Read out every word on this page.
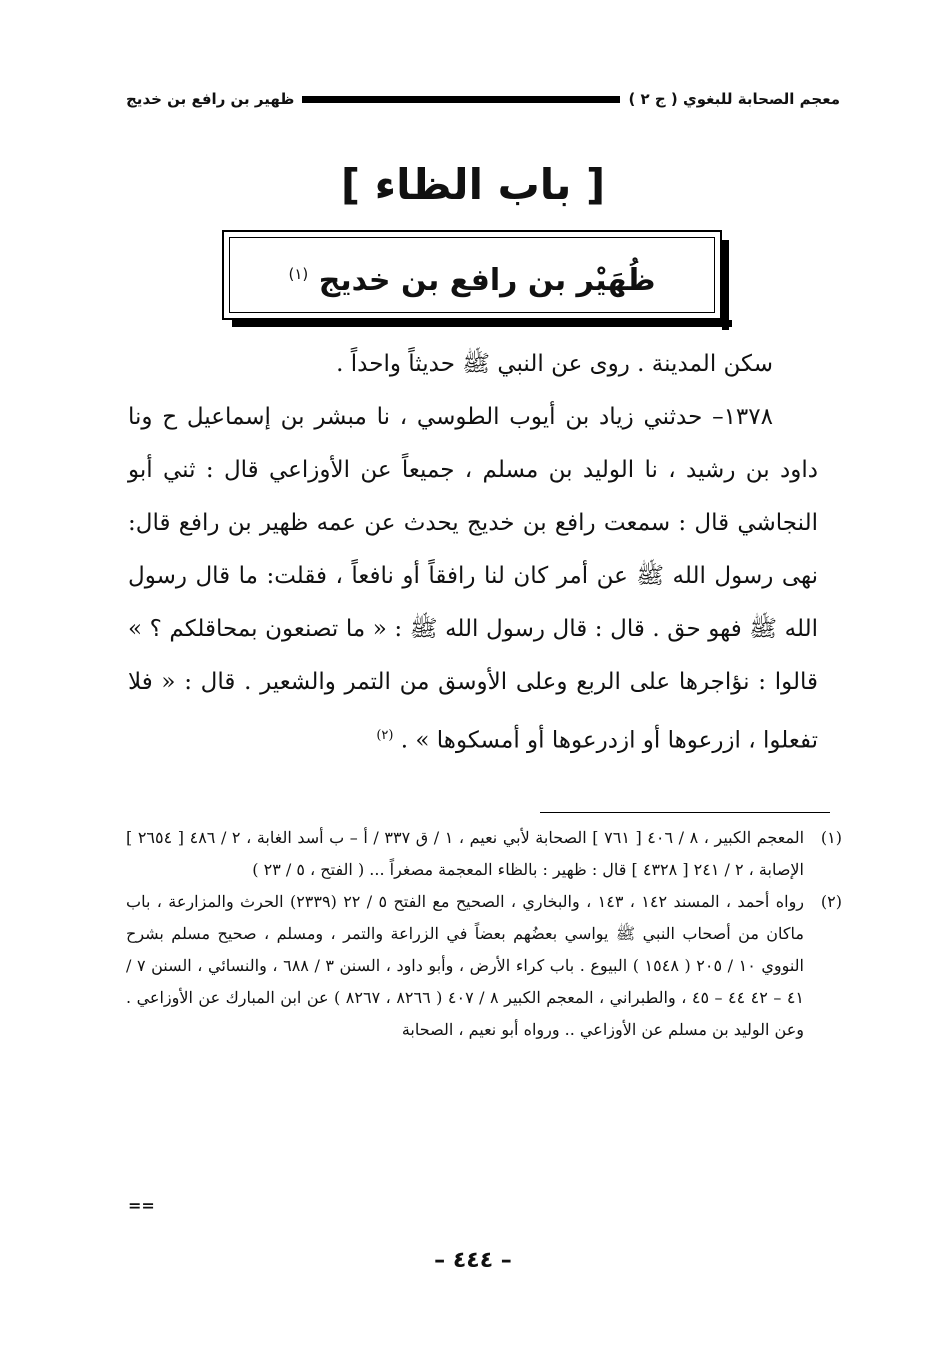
معجم الصحابة للبغوي ( ج ٢ )
ظهير بن رافع بن خديج
[ باب الظاء ]
ظُهَيْر بن رافع بن خديج $^{(١)}$

سكن المدينة . روى عن النبي ﷺ حديثاً واحداً .

١٣٧٨– حدثني زياد بن أيوب الطوسي ، نا مبشر بن إسماعيل ح ونا داود بن رشيد ، نا الوليد بن مسلم ، جميعاً عن الأوزاعي قال : ثني أبو النجاشي قال : سمعت رافع بن خديج يحدث عن عمه ظهير بن رافع قال: نهى رسول الله ﷺ عن أمر كان لنا رافقاً أو نافعاً ، فقلت: ما قال رسول الله ﷺ فهو حق . قال : قال رسول الله ﷺ : « ما تصنعون بمحاقلكم ؟ » قالوا : نؤاجرها على الربع وعلى الأوسق من التمر والشعير . قال : « فلا تفعلوا ، ازرعوها أو ازدرعوها أو أمسكوها » . $^{(٢)}$

(١)
المعجم الكبير ، ٨ / ٤٠٦ [ ٧٦١ ] الصحابة لأبي نعيم ، ١ / ق ٣٣٧ / أ – ب أسد الغابة ، ٢ / ٤٨٦ [ ٢٦٥٤ ] الإصابة ، ٢ / ٢٤١ [ ٤٣٢٨ ] قال : ظهير : بالظاء المعجمة مصغراً ... ( الفتح ، ٥ / ٢٣ )
(٢)
رواه أحمد ، المسند ١٤٢ ، ١٤٣ ، والبخاري ، الصحيح مع الفتح ٥ / ٢٢ (٢٣٣٩) الحرث والمزارعة ، باب ماكان من أصحاب النبي ﷺ يواسي بعضُهم بعضاً في الزراعة والتمر ، ومسلم ، صحيح مسلم بشرح النووي ١٠ / ٢٠٥ ( ١٥٤٨ ) البيوع . باب كراء الأرض ، وأبو داود ، السنن ٣ / ٦٨٨ ، والنسائي ، السنن ٧ / ٤١ – ٤٢ ٤٤ – ٤٥ ، والطبراني ، المعجم الكبير ٨ / ٤٠٧ ( ٨٢٦٦ ، ٨٢٦٧ ) عن ابن المبارك عن الأوزاعي . وعن الوليد بن مسلم عن الأوزاعي .. ورواه أبو نعيم ، الصحابة
==
– ٤٤٤ –
